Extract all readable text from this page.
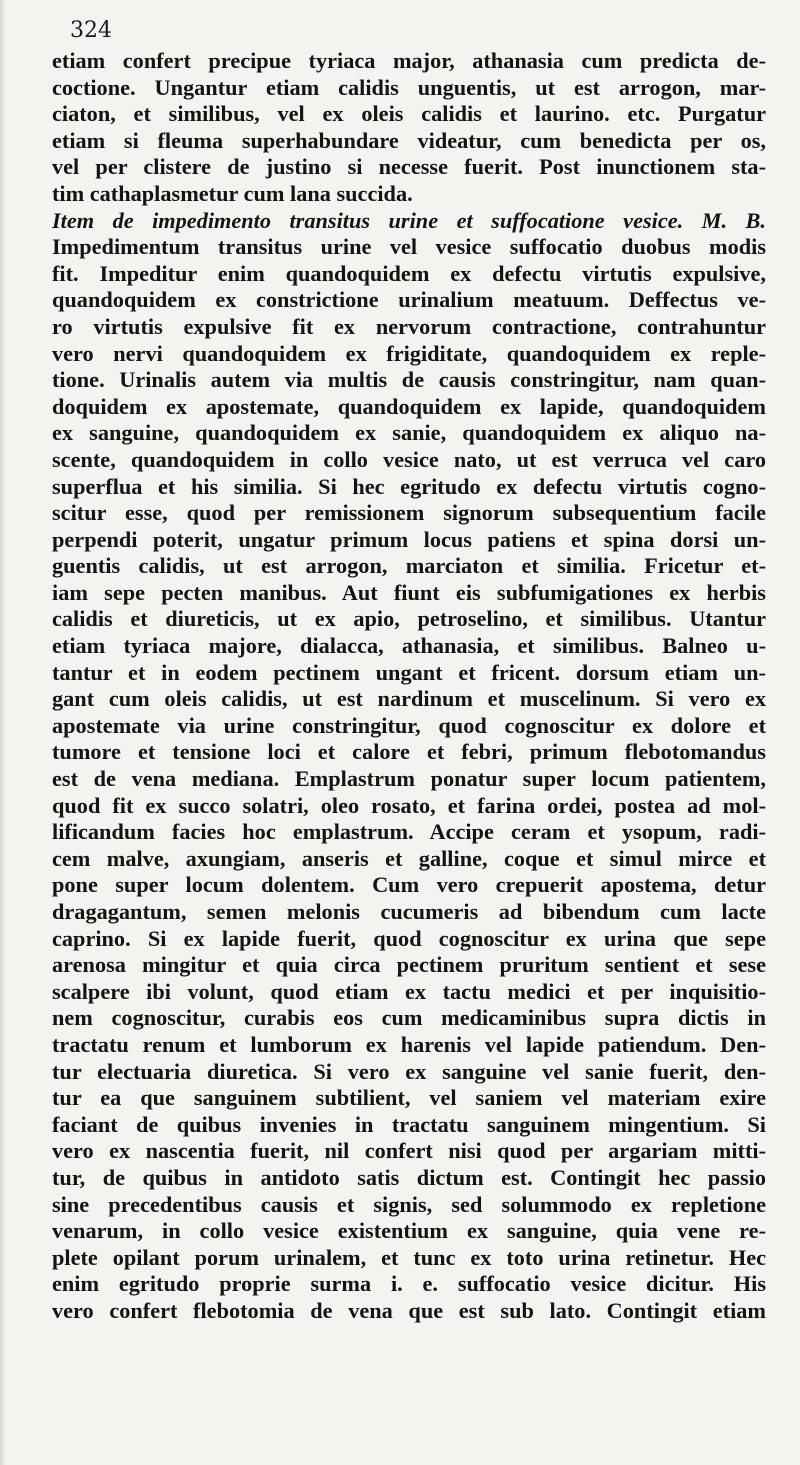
324

etiam confert precipue tyriaca major, athanasia cum predicta de-
coctione. Ungantur etiam calidis unguentis, ut est arrogon, mar-
ciaton, et similibus, vel ex oleis calidis et laurino. etc. Purgatur
etiam si fleuma superhabundare videatur, cum benedicta per os,
vel per clistere de justino si necesse fuerit. Post inunctionem sta-
tim cathaplasmetur cum lana succida.
Item de impedimento transitus urine et suffocatione vesice. M. B.
Impedimentum transitus urine vel vesice suffocatio duobus modis
fit. Impeditur enim quandoquidem ex defectu virtutis expulsive,
quandoquidem ex constrictione urinalium meatuum. Deffectus ve-
ro virtutis expulsive fit ex nervorum contractione, contrahuntur
vero nervi quandoquidem ex frigiditate, quandoquidem ex reple-
tione. Urinalis autem via multis de causis constringitur, nam quan-
doquidem ex apostemate, quandoquidem ex lapide, quandoquidem
ex sanguine, quandoquidem ex sanie, quandoquidem ex aliquo na-
scente, quandoquidem in collo vesice nato, ut est verruca vel caro
superflua et his similia. Si hec egritudo ex defectu virtutis cogno-
scitur esse, quod per remissionem signorum subsequentium facile
perpendi poterit, ungatur primum locus patiens et spina dorsi un-
guentis calidis, ut est arrogon, marciaton et similia. Fricetur et-
iam sepe pecten manibus. Aut fiunt eis subfumigationes ex herbis
calidis et diureticis, ut ex apio, petroselino, et similibus. Utantur
etiam tyriaca majore, dialacca, athanasia, et similibus. Balneo u-
tantur et in eodem pectinem ungant et fricent. dorsum etiam un-
gant cum oleis calidis, ut est nardinum et muscelinum. Si vero ex
apostemate via urine constringitur, quod cognoscitur ex dolore et
tumore et tensione loci et calore et febri, primum flebotomandus
est de vena mediana. Emplastrum ponatur super locum patientem,
quod fit ex succo solatri, oleo rosato, et farina ordei, postea ad mol-
lificandum facies hoc emplastrum. Accipe ceram et ysopum, radi-
cem malve, axungiam, anseris et galline, coque et simul mirce et
pone super locum dolentem. Cum vero crepuerit apostema, detur
dragagantum, semen melonis cucumeris ad bibendum cum lacte
caprino. Si ex lapide fuerit, quod cognoscitur ex urina que sepe
arenosa mingitur et quia circa pectinem pruritum sentient et sese
scalpere ibi volunt, quod etiam ex tactu medici et per inquisitio-
nem cognoscitur, curabis eos cum medicaminibus supra dictis in
tractatu renum et lumborum ex harenis vel lapide patiendum. Den-
tur electuaria diuretica. Si vero ex sanguine vel sanie fuerit, den-
tur ea que sanguinem subtilient, vel saniem vel materiam exire
faciant de quibus invenies in tractatu sanguinem mingentium. Si
vero ex nascentia fuerit, nil confert nisi quod per argariam mitti-
tur, de quibus in antidoto satis dictum est. Contingit hec passio
sine precedentibus causis et signis, sed solummodo ex repletione
venarum, in collo vesice existentium ex sanguine, quia vene re-
plete opilant porum urinalem, et tunc ex toto urina retinetur. Hec
enim egritudo proprie surma i. e. suffocatio vesice dicitur. His
vero confert flebotomia de vena que est sub lato. Contingit etiam
